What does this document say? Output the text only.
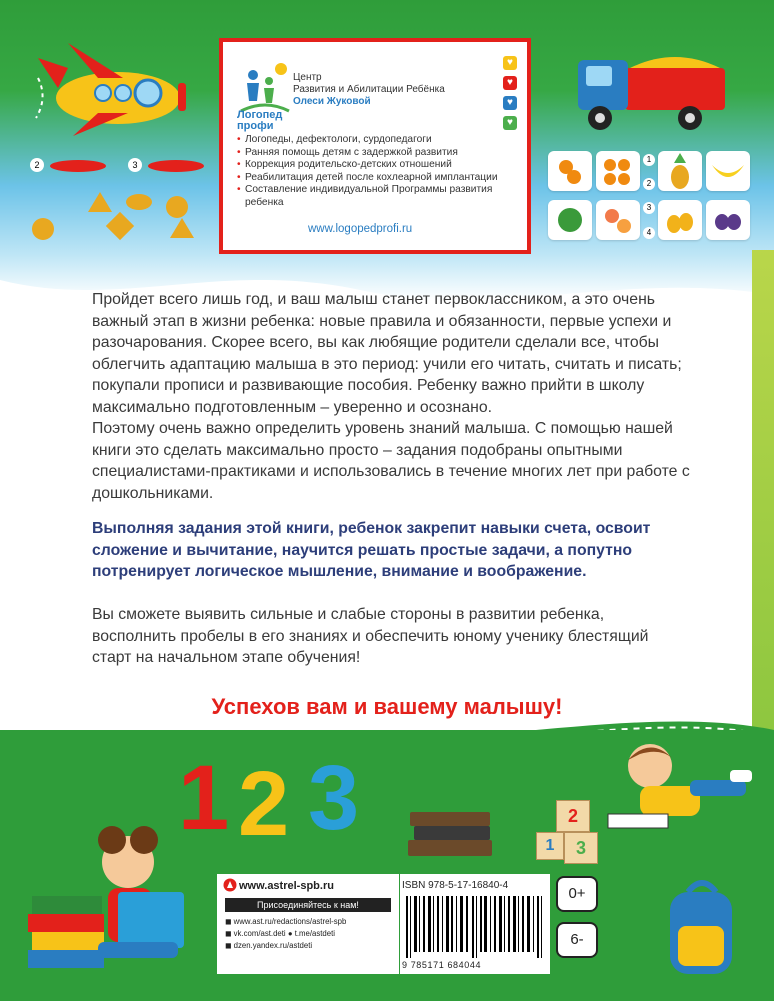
2	3
Логопед
профи
Центр
Развития и Абилитации Ребёнка
Олеси Жуковой
♥
♥
♥
♥
• Логопеды, дефектологи, сурдопедагоги
• Ранняя помощь детям с задержкой развития
• Коррекция родительско-детских отношений
• Реабилитация детей после кохлеарной имплантации
• Составление индивидуальной Программы развития ребенка
www.logopedprofi.ru
1
2
3
4
Пройдет всего лишь год, и ваш малыш станет первоклассником, а это очень важный этап в жизни ребенка: новые правила и обязанности, первые успехи и разочарования. Скорее всего, вы как любящие родители сделали все, чтобы облегчить адаптацию малыша в это период: учили его читать, считать и писать; покупали прописи и развивающие пособия. Ребенку важно прийти в школу максимально подготовленным – уверенно и осознано.
Поэтому очень важно определить уровень знаний малыша. С помощью нашей книги это сделать максимально просто – задания подобраны опытными специалистами-практиками и использовались в течение многих лет при работе с дошкольниками.

Выполняя задания этой книги, ребенок закрепит навыки счета, освоит сложение и вычитание, научится решать простые задачи, а попутно потренирует логическое мышление, внимание и воображение.

Вы сможете выявить сильные и слабые стороны в развитии ребенка, восполнить пробелы в его знаниях и обеспечить юному ученику блестящий старт на начальном этапе обучения!

Успехов вам и вашему малышу!
1 2 3	2
1	3
www.astrel-spb.ru
Присоединяйтесь к нам!
◼ www.ast.ru/redactions/astrel-spb
◼ vk.com/ast.deti ● t.me/astdeti
◼ dzen.yandex.ru/astdeti
ISBN 978-5-17-16840-4
9 785171 684044
0+
6-
